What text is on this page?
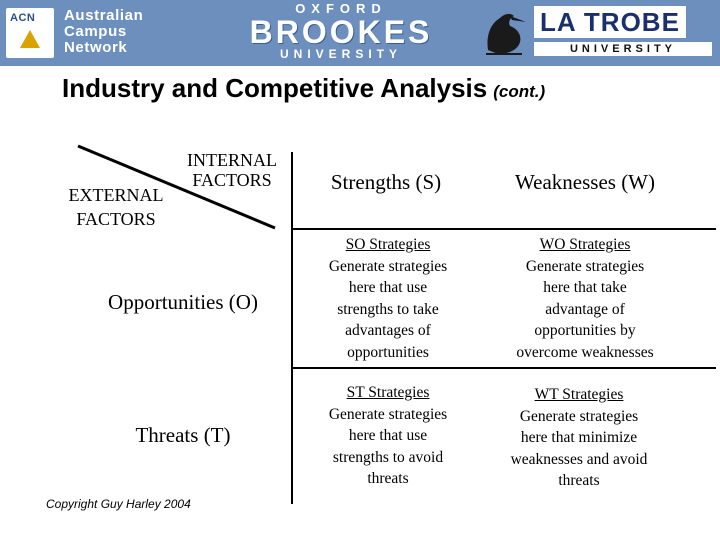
ACN Australian
Campus
Network
OXFORD
BROOKES
UNIVERSITY
LA TROBE
UNIVERSITY
Industry and Competitive Analysis (cont.)
INTERNAL
FACTORS
EXTERNAL
FACTORS
Strengths (S)	Weaknesses (W)
Opportunities (O)
Threats (T)
SO Strategies
Generate strategies
here that use
strengths to take
advantages of
opportunities
WO Strategies
Generate strategies
here that take
advantage of
opportunities by
overcome weaknesses
ST Strategies
Generate strategies
here that use
strengths to avoid
threats
WT Strategies
Generate strategies
here that minimize
weaknesses and avoid
threats
Copyright Guy Harley 2004
